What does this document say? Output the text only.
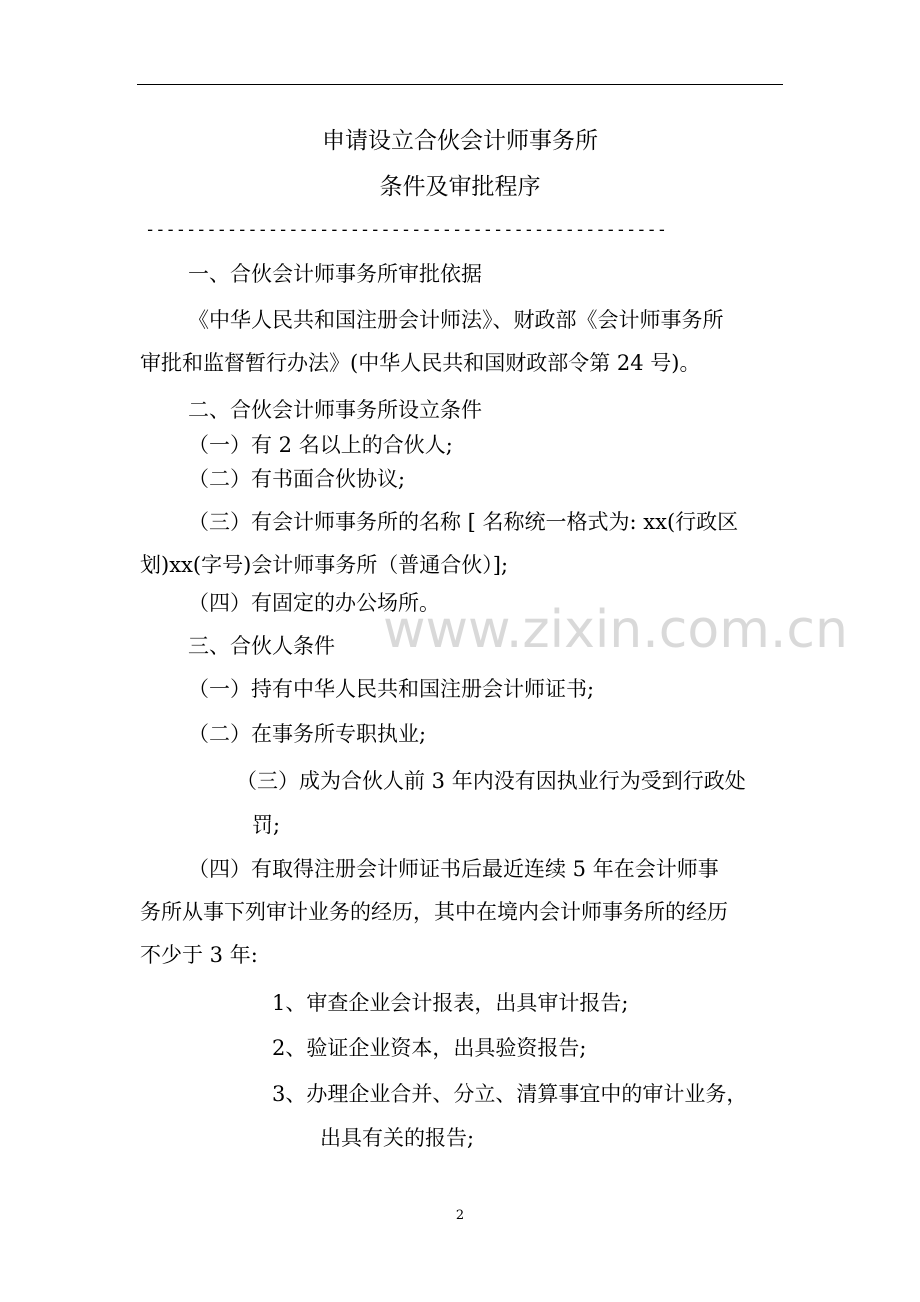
申请设立合伙会计师事务所
条件及审批程序
---------------------------------------------------
www.zixin.com.cn
一、合伙会计师事务所审批依据
《中华人民共和国注册会计师法》、财政部《会计师事务所
审批和监督暂行办法》(中华人民共和国财政部令第 24 号)。
二、合伙会计师事务所设立条件
（一）有 2 名以上的合伙人;
（二）有书面合伙协议;
（三）有会计师事务所的名称 [ 名称统一格式为: xx(行政区
划)xx(字号)会计师事务所（普通合伙）];
（四）有固定的办公场所。
三、合伙人条件
（一）持有中华人民共和国注册会计师证书;
（二）在事务所专职执业;
（三）成为合伙人前 3 年内没有因执业行为受到行政处
罚;
（四）有取得注册会计师证书后最近连续 5 年在会计师事
务所从事下列审计业务的经历，其中在境内会计师事务所的经历
不少于 3 年:
1、审查企业会计报表，出具审计报告;
2、验证企业资本，出具验资报告;
3、办理企业合并、分立、清算事宜中的审计业务，
出具有关的报告;
2
